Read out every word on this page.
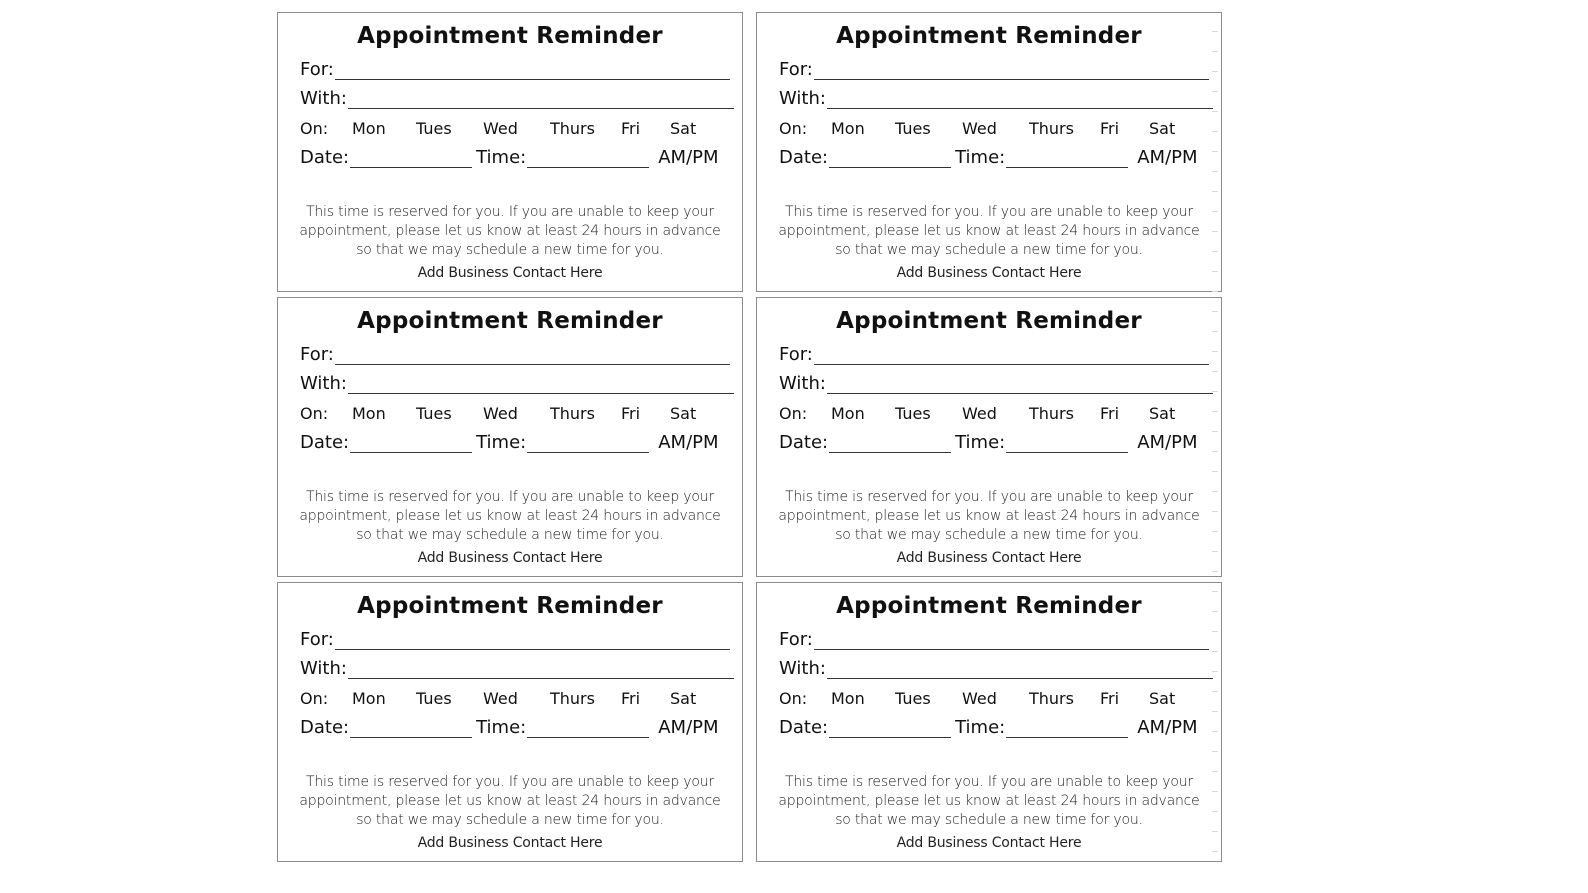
Appointment Reminder
For:
With:
On:	Mon	Tues	Wed	Thurs	Fri	Sat
Date:	Time:	AM/PM
This time is reserved for you. If you are unable to keep your appointment, please let us know at least 24 hours in advance so that we may schedule a new time for you.
Add Business Contact Here
Appointment Reminder
For:
With:
On:	Mon	Tues	Wed	Thurs	Fri	Sat
Date:	Time:	AM/PM
This time is reserved for you. If you are unable to keep your appointment, please let us know at least 24 hours in advance so that we may schedule a new time for you.
Add Business Contact Here
Appointment Reminder
For:
With:
On:	Mon	Tues	Wed	Thurs	Fri	Sat
Date:	Time:	AM/PM
This time is reserved for you. If you are unable to keep your appointment, please let us know at least 24 hours in advance so that we may schedule a new time for you.
Add Business Contact Here
Appointment Reminder
For:
With:
On:	Mon	Tues	Wed	Thurs	Fri	Sat
Date:	Time:	AM/PM
This time is reserved for you. If you are unable to keep your appointment, please let us know at least 24 hours in advance so that we may schedule a new time for you.
Add Business Contact Here
Appointment Reminder
For:
With:
On:	Mon	Tues	Wed	Thurs	Fri	Sat
Date:	Time:	AM/PM
This time is reserved for you. If you are unable to keep your appointment, please let us know at least 24 hours in advance so that we may schedule a new time for you.
Add Business Contact Here
Appointment Reminder
For:
With:
On:	Mon	Tues	Wed	Thurs	Fri	Sat
Date:	Time:	AM/PM
This time is reserved for you. If you are unable to keep your appointment, please let us know at least 24 hours in advance so that we may schedule a new time for you.
Add Business Contact Here
